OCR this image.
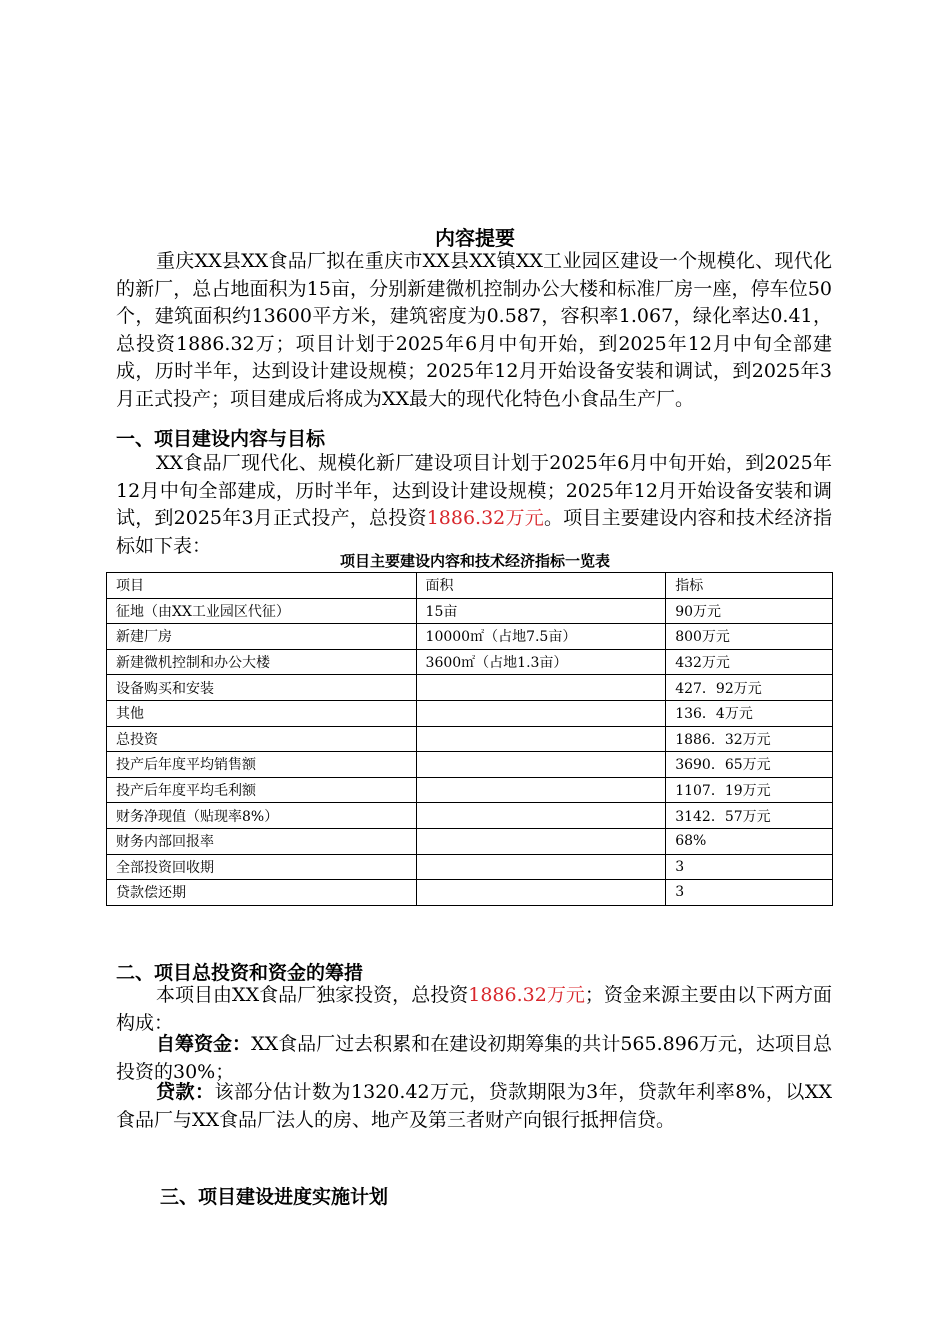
内容提要

重庆XX县XX食品厂拟在重庆市XX县XX镇XX工业园区建设一个规模化、现代化的新厂，总占地面积为15亩，分别新建微机控制办公大楼和标准厂房一座，停车位50个，建筑面积约13600平方米，建筑密度为0.587，容积率1.067，绿化率达0.41，总投资1886.32万；项目计划于2025年6月中旬开始，到2025年12月中旬全部建成，历时半年，达到设计建设规模；2025年12月开始设备安装和调试，到2025年3月正式投产；项目建成后将成为XX最大的现代化特色小食品生产厂。

一、项目建设内容与目标

XX食品厂现代化、规模化新厂建设项目计划于2025年6月中旬开始，到2025年12月中旬全部建成，历时半年，达到设计建设规模；2025年12月开始设备安装和调试，到2025年3月正式投产，总投资1886.32万元。项目主要建设内容和技术经济指标如下表：

项目主要建设内容和技术经济指标一览表
项目	面积	指标
征地（由XX工业园区代征）	15亩	90万元
新建厂房	10000㎡（占地7.5亩）	800万元
新建微机控制和办公大楼	3600㎡（占地1.3亩）	432万元
设备购买和安装		427．92万元
其他		136．4万元
总投资		1886．32万元
投产后年度平均销售额		3690．65万元
投产后年度平均毛利额		1107．19万元
财务净现值（贴现率8%）		3142．57万元
财务内部回报率		68%
全部投资回收期		3
贷款偿还期		3
二、项目总投资和资金的筹措

本项目由XX食品厂独家投资，总投资1886.32万元；资金来源主要由以下两方面构成：

自筹资金：XX食品厂过去积累和在建设初期筹集的共计565.896万元，达项目总投资的30%；

贷款：该部分估计数为1320.42万元，贷款期限为3年，贷款年利率8%，以XX食品厂与XX食品厂法人的房、地产及第三者财产向银行抵押信贷。

三、项目建设进度实施计划
